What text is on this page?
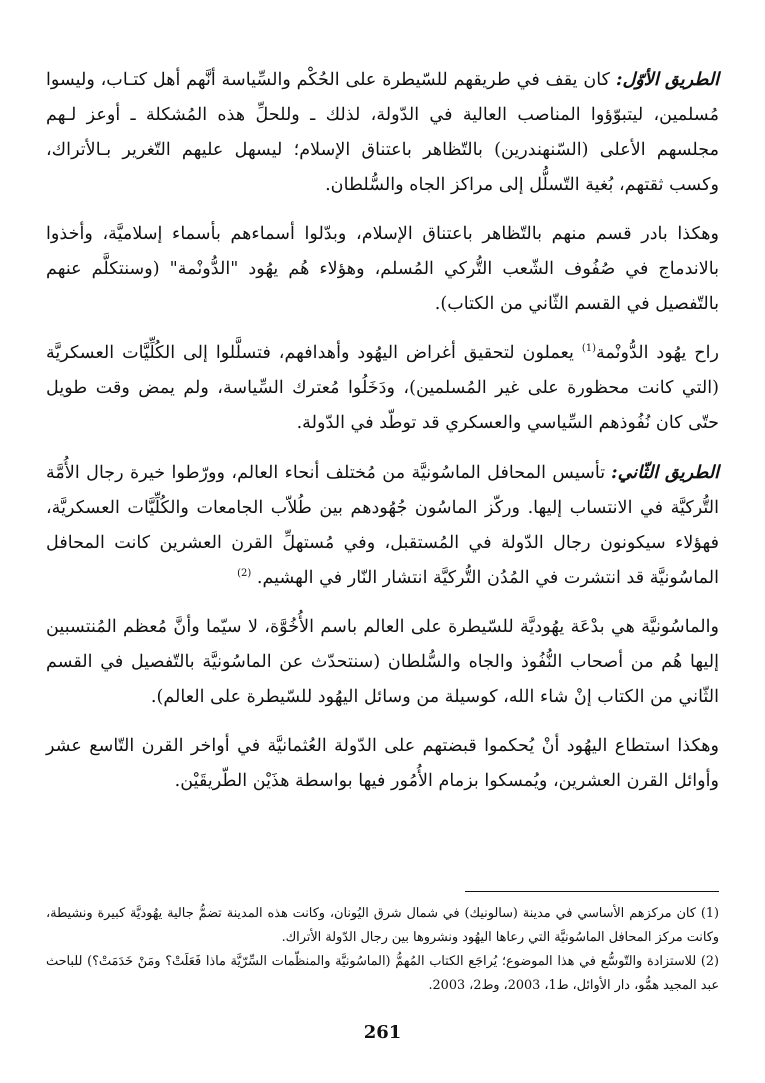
الطريق الأوّل:كان يقف في طريقهم للسّيطرة على الحُكْم والسِّياسة أنَّهم أهل كتـاب، وليسوا مُسلمين، ليتبوّؤوا المناصب العالية في الدّولة، لذلك ـ وللحلِّ هذه المُشكلة ـ أوعز لـهم مجلسهم الأعلى (السّنهندرين) بالتّظاهر باعتناق الإسلام؛ ليسهل عليهم التّغرير بـالأتراك، وكسب ثقتهم، بُغية التّسلُّل إلى مراكز الجاه والسُّلطان.

وهكذا بادر قسم منهم بالتّظاهر باعتناق الإسلام، وبدّلوا أسماءهم بأسماء إسلاميَّة، وأخذوا بالاندماج في صُفُوف الشّعب التُّركي المُسلم، وهؤلاء هُم يهُود "الدُّونْمة" (وسنتكلَّم عنهم بالتّفصيل في القسم الثّاني من الكتاب).

راح يهُود الدُّونْمة$^{(1)}$ يعملون لتحقيق أغراض اليهُود وأهدافهم، فتسلَّلوا إلى الكُلِّيَّات العسكريَّة (التي كانت محظورة على غير المُسلمين)، ودَخَلُوا مُعترك السِّياسة، ولم يمض وقت طويل حتّى كان نُفُوذهم السِّياسي والعسكري قد توطّد في الدّولة.

الطريق الثّاني:تأسيس المحافل الماسُونيَّة من مُختلف أنحاء العالم، وورّطوا خيرة رجال الأُمَّة التُّركيَّة في الانتساب إليها. وركّز الماسُون جُهُودهم بين طُلاّب الجامعات والكُلِّيَّات العسكريَّة، فهؤلاء سيكونون رجال الدّولة في المُستقبل، وفي مُستهلِّ القرن العشرين كانت المحافل الماسُونيَّة قد انتشرت في المُدُن التُّركيَّة انتشار النّار في الهشيم. $^{(2)}$

والماسُونيَّة هي بدْعَة يهُوديَّة للسّيطرة على العالم باسم الأُخُوَّة، لا سيّما وأنَّ مُعظم المُنتسبين إليها هُم من أصحاب النُّفُوذ والجاه والسُّلطان (سنتحدّث عن الماسُونيَّة بالتّفصيل في القسم الثّاني من الكتاب إنْ شاء الله، كوسيلة من وسائل اليهُود للسّيطرة على العالم).

وهكذا استطاع اليهُود أنْ يُحكموا قبضتهم على الدّولة العُثمانيَّة في أواخر القرن التّاسع عشر وأوائل القرن العشرين، ويُمسكوا بزمام الأُمُور فيها بواسطة هذَيْن الطّريقَيْن.

(1) كان مركزهم الأساسي في مدينة (سالونيك) في شمال شرق اليُونان، وكانت هذه المدينة تضمُّ جالية يهُوديَّة كبيرة ونشيطة، وكانت مركز المحافل الماسُونيَّة التي رعاها اليهُود ونشروها بين رجال الدّولة الأتراك.

(2) للاستزادة والتّوسُّع في هذا الموضوع؛ يُراجَع الكتاب المُهمُّ (الماسُونيَّة والمنظّمات السِّرّيَّة ماذا فَعَلَتْ؟ ومَنْ خَدَمَتْ؟) للباحث عبد المجيد همُّو، دار الأوائل، ط1، 2003، وط2، 2003.

261
